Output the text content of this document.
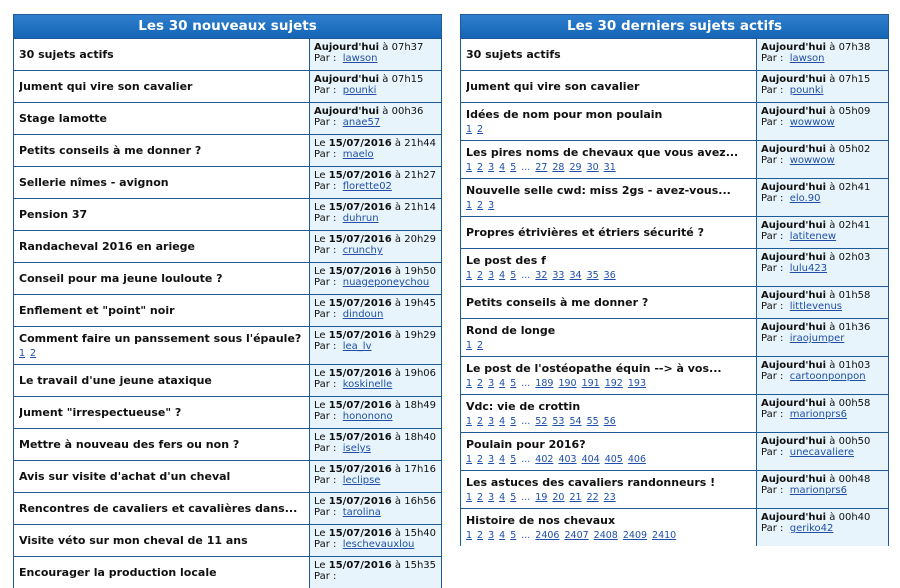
Les 30 nouveaux sujets
30 sujets actifs
Aujourd'hui à 07h37
Par : lawson
Jument qui vire son cavalier
Aujourd'hui à 07h15
Par : pounki
Stage lamotte
Aujourd'hui à 00h36
Par : anae57
Petits conseils à me donner ?
Le 15/07/2016 à 21h44
Par : maelo
Sellerie nîmes - avignon
Le 15/07/2016 à 21h27
Par : florette02
Pension 37
Le 15/07/2016 à 21h14
Par : duhrun
Randacheval 2016 en ariege
Le 15/07/2016 à 20h29
Par : crunchy
Conseil pour ma jeune louloute ?
Le 15/07/2016 à 19h50
Par : nuageponeychou
Enflement et "point" noir
Le 15/07/2016 à 19h45
Par : dindoun
Comment faire un panssement sous l'épaule?
1 2
Le 15/07/2016 à 19h29
Par : lea_lv
Le travail d'une jeune ataxique
Le 15/07/2016 à 19h06
Par : koskinelle
Jument "irrespectueuse" ?
Le 15/07/2016 à 18h49
Par : hononono
Mettre à nouveau des fers ou non ?
Le 15/07/2016 à 18h40
Par : iselys
Avis sur visite d'achat d'un cheval
Le 15/07/2016 à 17h16
Par : leclipse
Rencontres de cavaliers et cavalières dans...
Le 15/07/2016 à 16h56
Par : tarolina
Visite véto sur mon cheval de 11 ans
Le 15/07/2016 à 15h40
Par : leschevauxlou
Encourager la production locale
Le 15/07/2016 à 15h35
Par :
Les 30 derniers sujets actifs
30 sujets actifs
Aujourd'hui à 07h38
Par : lawson
Jument qui vire son cavalier
Aujourd'hui à 07h15
Par : pounki
Idées de nom pour mon poulain
1 2
Aujourd'hui à 05h09
Par : wowwow
Les pires noms de chevaux que vous avez...
1 2 3 4 5 ... 27 28 29 30 31
Aujourd'hui à 05h02
Par : wowwow
Nouvelle selle cwd: miss 2gs - avez-vous...
1 2 3
Aujourd'hui à 02h41
Par : elo.90
Propres étrivières et étriers sécurité ?
Aujourd'hui à 02h41
Par : latitenew
Le post des f
1 2 3 4 5 ... 32 33 34 35 36
Aujourd'hui à 02h03
Par : lulu423
Petits conseils à me donner ?
Aujourd'hui à 01h58
Par : littlevenus
Rond de longe
1 2
Aujourd'hui à 01h36
Par : iraojumper
Le post de l'ostéopathe équin --> à vos...
1 2 3 4 5 ... 189 190 191 192 193
Aujourd'hui à 01h03
Par : cartoonponpon
Vdc: vie de crottin
1 2 3 4 5 ... 52 53 54 55 56
Aujourd'hui à 00h58
Par : marionprs6
Poulain pour 2016?
1 2 3 4 5 ... 402 403 404 405 406
Aujourd'hui à 00h50
Par : unecavaliere
Les astuces des cavaliers randonneurs !
1 2 3 4 5 ... 19 20 21 22 23
Aujourd'hui à 00h48
Par : marionprs6
Histoire de nos chevaux
1 2 3 4 5 ... 2406 2407 2408 2409 2410
Aujourd'hui à 00h40
Par : geriko42
